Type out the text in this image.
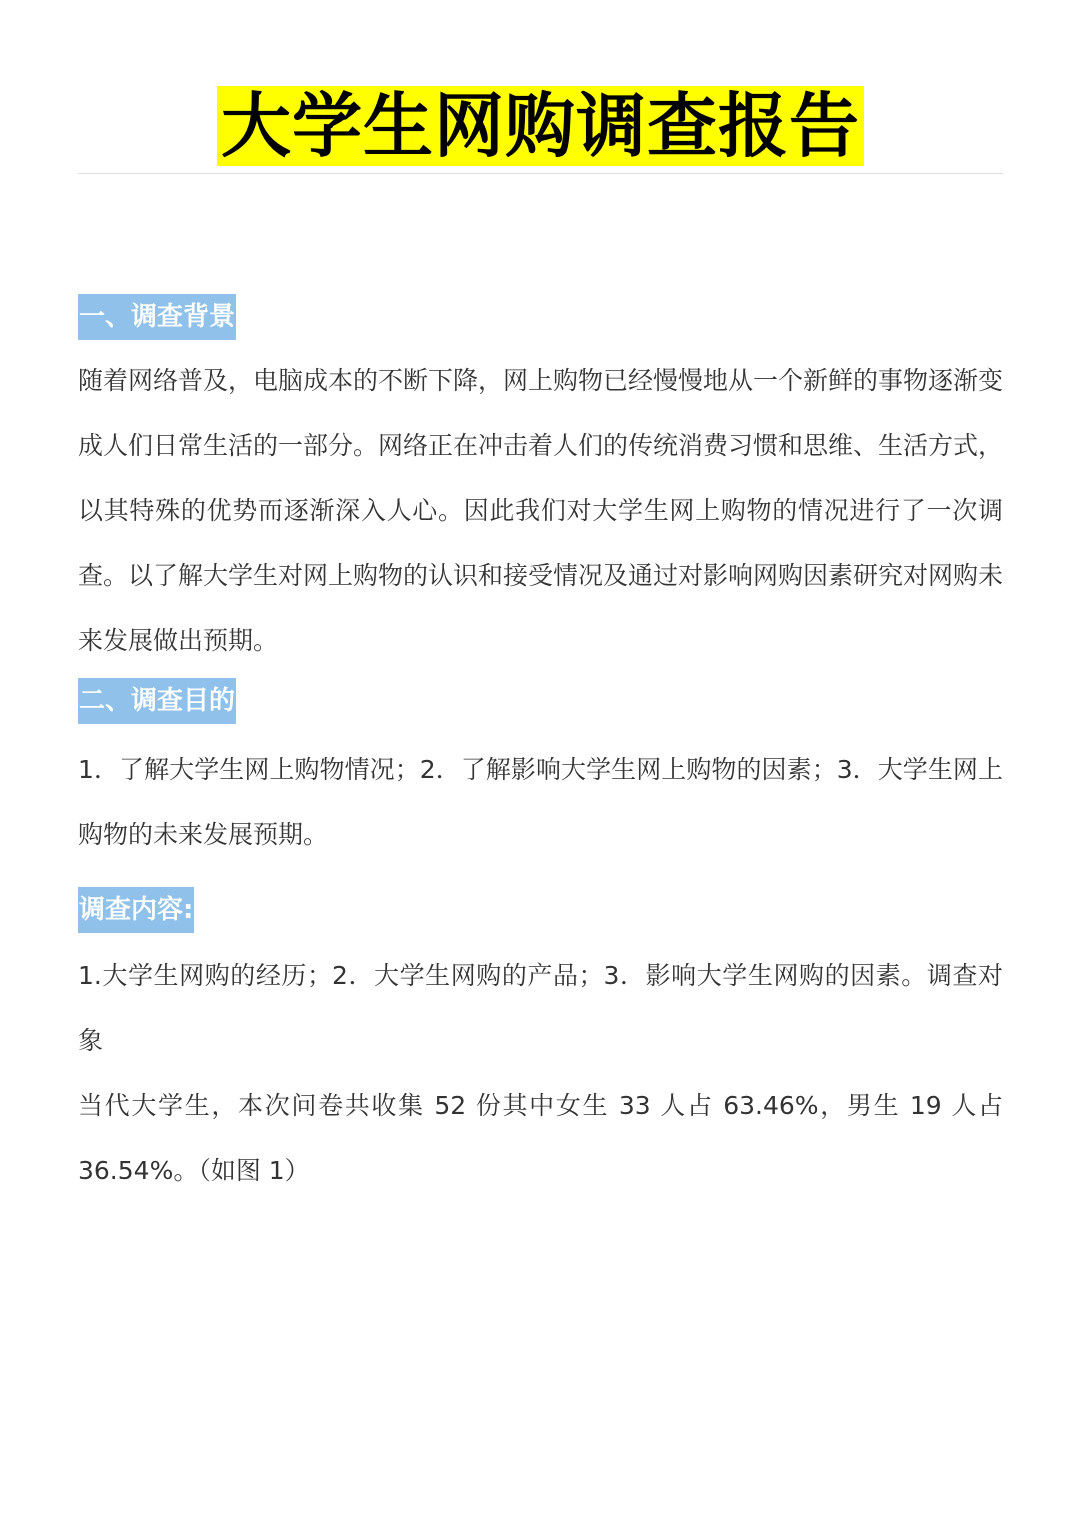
大学生网购调查报告
一、调查背景

随着网络普及，电脑成本的不断下降，网上购物已经慢慢地从一个新鲜的事物逐渐变成人们日常生活的一部分。网络正在冲击着人们的传统消费习惯和思维、生活方式，以其特殊的优势而逐渐深入人心。因此我们对大学生网上购物的情况进行了一次调查。以了解大学生对网上购物的认识和接受情况及通过对影响网购因素研究对网购未来发展做出预期。

二、调查目的

1．了解大学生网上购物情况；2．了解影响大学生网上购物的因素；3．大学生网上购物的未来发展预期。

调查内容:

1.大学生网购的经历；2．大学生网购的产品；3．影响大学生网购的因素。调查对象

当代大学生，本次问卷共收集 52 份其中女生 33 人占 63.46%，男生 19 人占 36.54%。（如图 1）
